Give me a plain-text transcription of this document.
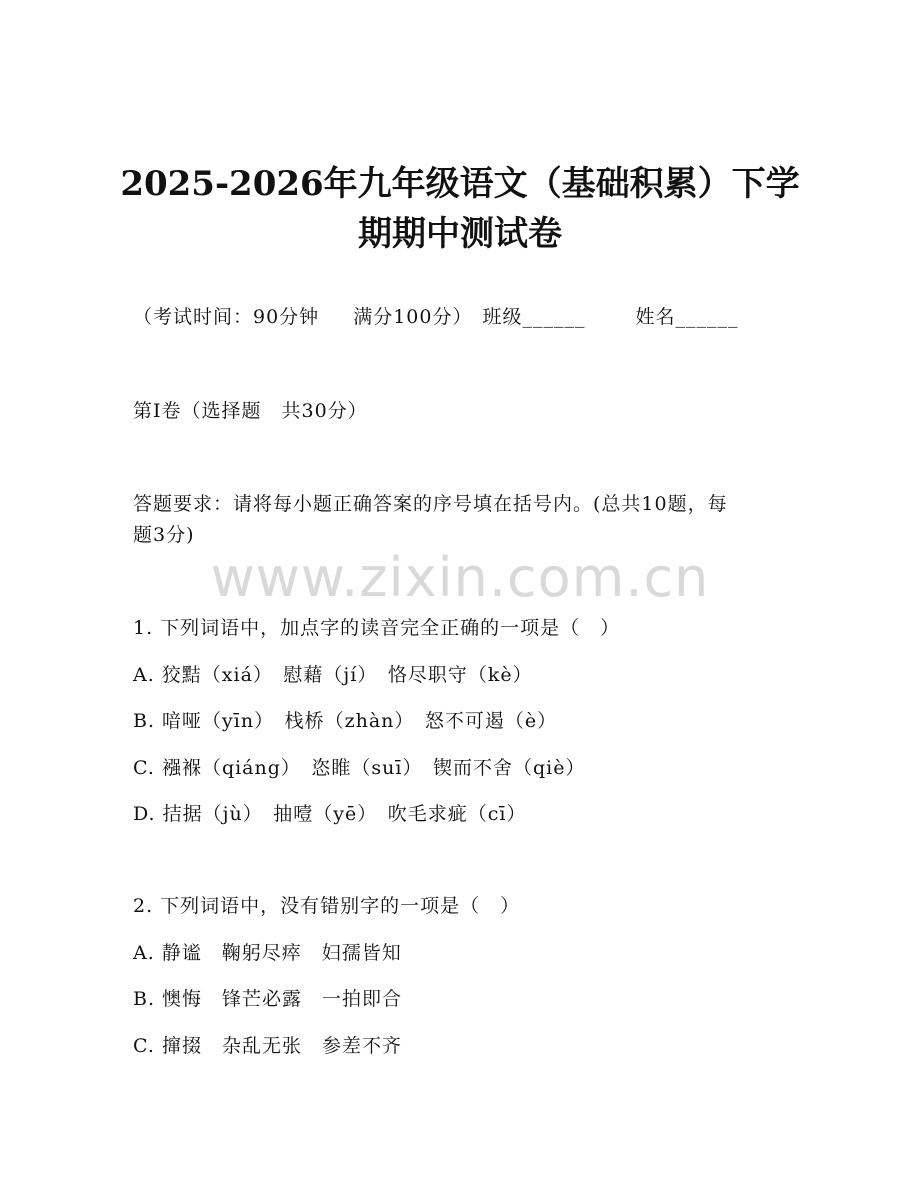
2025-2026年九年级语文（基础积累）下学
期期中测试卷
（考试时间：90分钟 满分100分） 班级______	姓名______
第Ⅰ卷（选择题　共30分）
答题要求：请将每小题正确答案的序号填在括号内。(总共10题，每
题3分)
www.zixin.com.cn
1. 下列词语中，加点字的读音完全正确的一项是（　）
A. 狡黠（xiá）　慰藉（jí）　恪尽职守（kè）
B. 喑哑（yīn）　栈桥（zhàn）　怒不可遏（è）
C. 襁褓（qiáng）　恣睢（suī）　锲而不舍（qiè）
D. 拮据（jù）　抽噎（yē）　吹毛求疵（cī）
2. 下列词语中，没有错别字的一项是（　）
A. 静谧　鞠躬尽瘁　妇孺皆知
B. 懊悔　锋芒必露　一拍即合
C. 撺掇　杂乱无张　参差不齐
